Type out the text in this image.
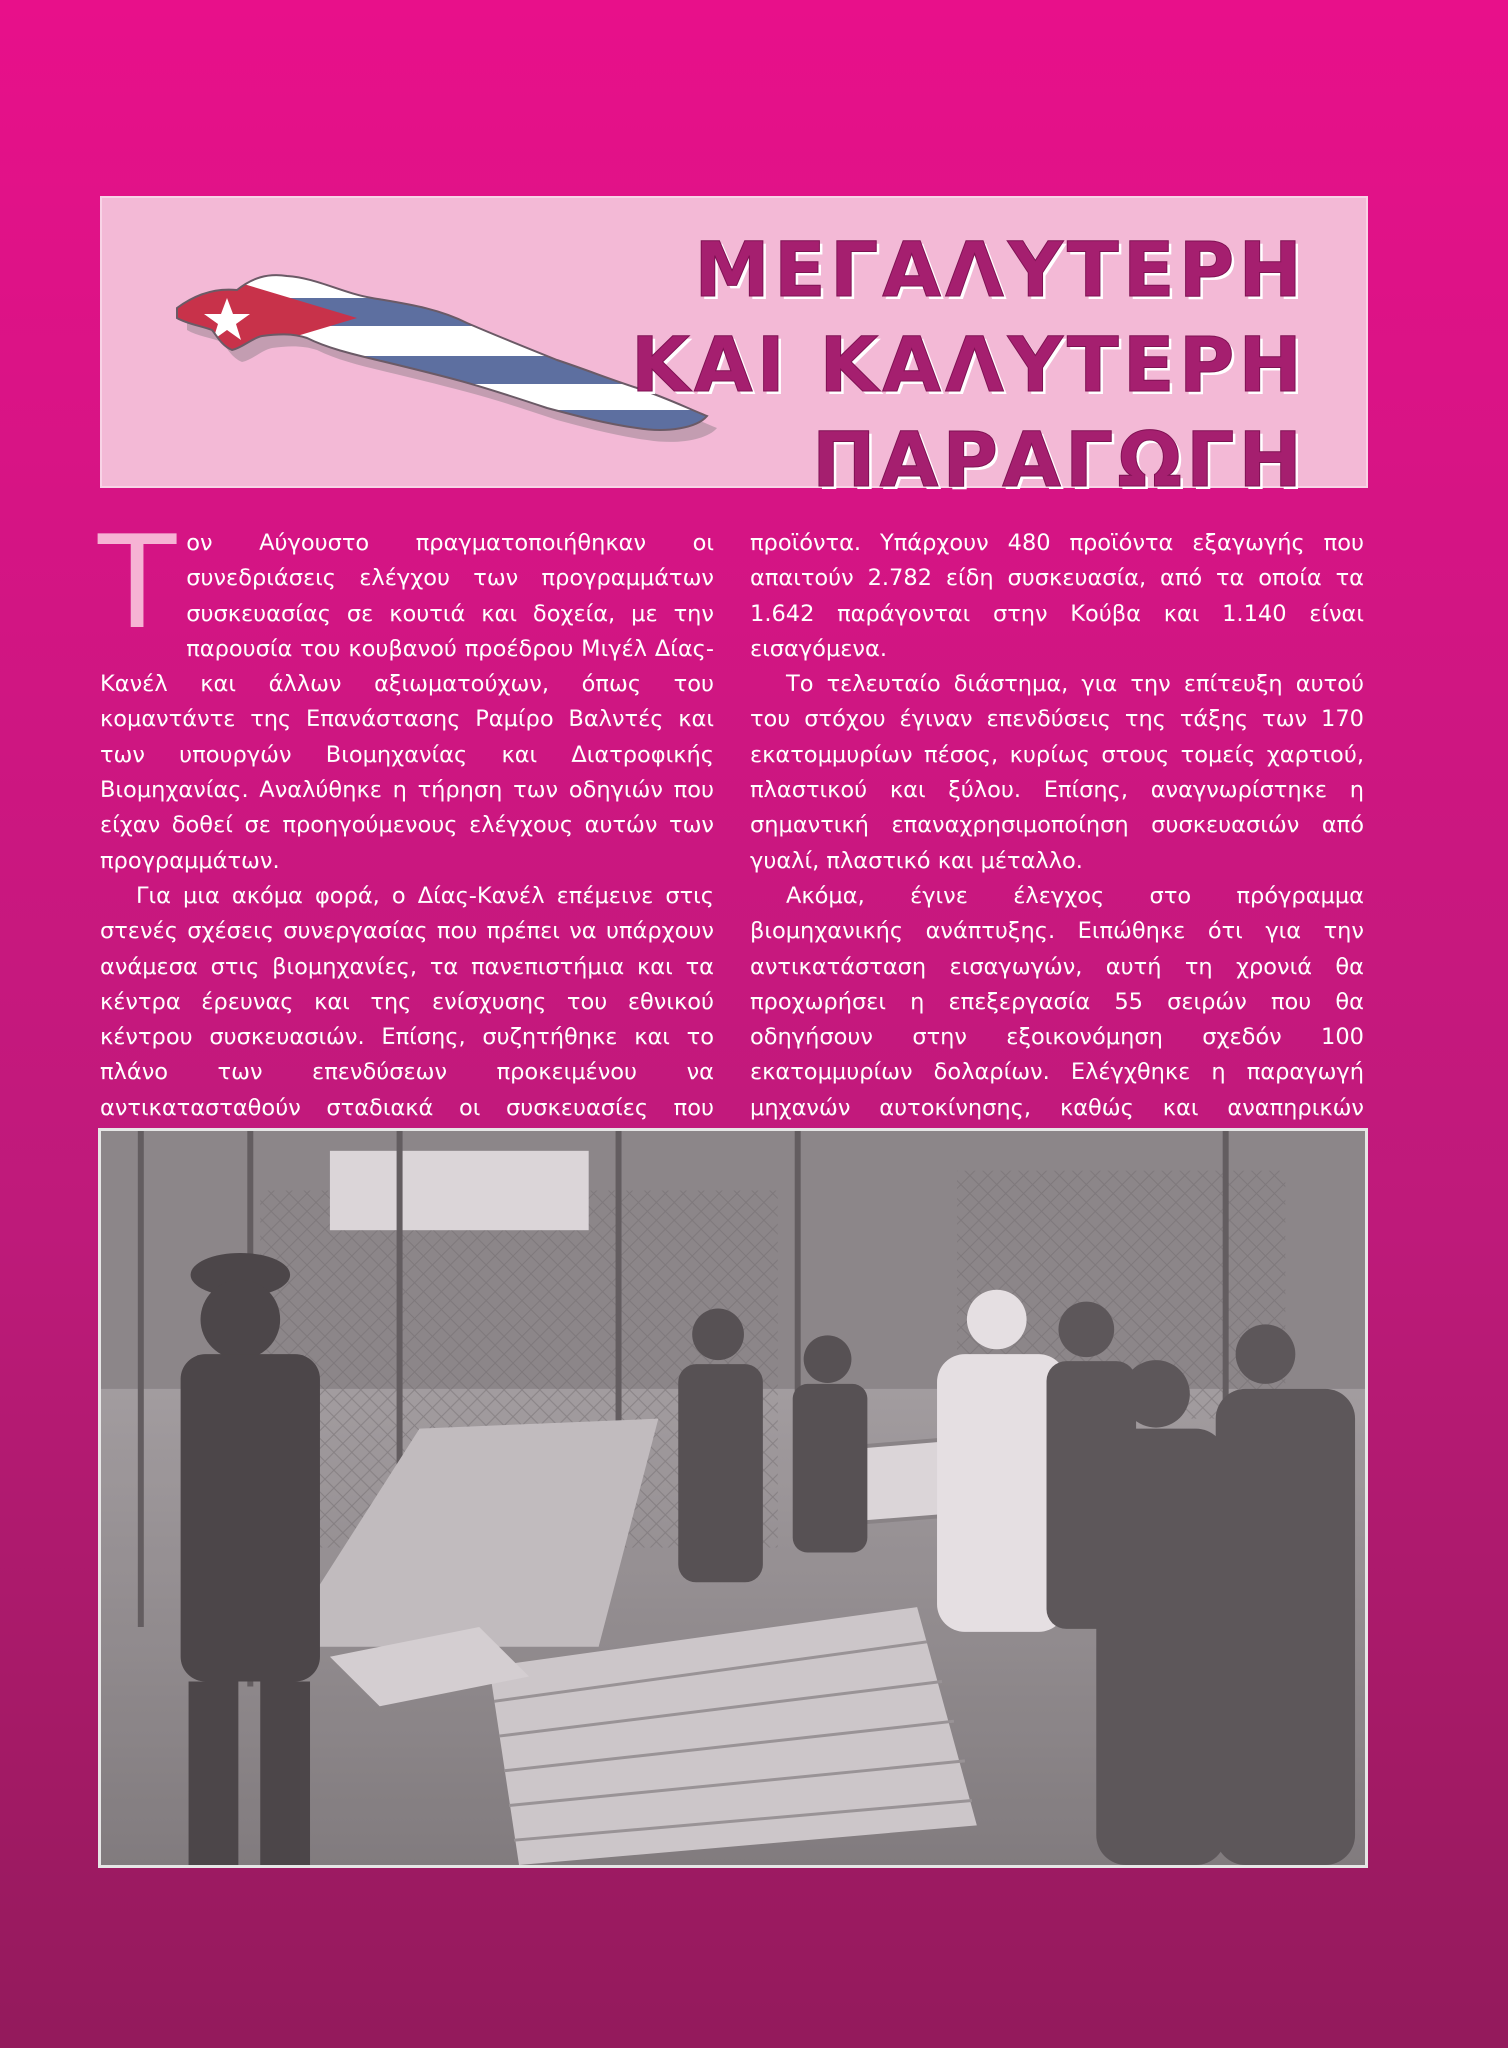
ΜΕΓΑΛΥΤΕΡΗ
ΚΑΙ ΚΑΛΥΤΕΡΗ
ΠΑΡΑΓΩΓΗ

Τον Αύγουστο πραγματοποιήθηκαν οι συνεδριάσεις ελέγχου των προγραμμάτων συσκευασίας σε κουτιά και δοχεία, με την παρουσία του κουβανού προέδρου Μιγέλ Δίας-Κανέλ και άλλων αξιωματούχων, όπως του κομαντάντε της Επανάστασης Ραμίρο Βαλντές και των υπουργών Βιομηχανίας και Διατροφικής Βιομηχανίας. Αναλύθηκε η τήρηση των οδηγιών που είχαν δοθεί σε προηγούμενους ελέγχους αυτών των προγραμμάτων.

Για μια ακόμα φορά, ο Δίας-Κανέλ επέμεινε στις στενές σχέσεις συνεργασίας που πρέπει να υπάρχουν ανάμεσα στις βιομηχανίες, τα πανεπιστήμια και τα κέντρα έρευνας και της ενίσχυσης του εθνικού κέντρου συσκευασιών. Επίσης, συζητήθηκε και το πλάνο των επενδύσεων προκειμένου να αντικατασταθούν σταδιακά οι συσκευασίες που

προϊόντα. Υπάρχουν 480 προϊόντα εξαγωγής που απαιτούν 2.782 είδη συσκευασία, από τα οποία τα 1.642 παράγονται στην Κούβα και 1.140 είναι εισαγόμενα.

Το τελευταίο διάστημα, για την επίτευξη αυτού του στόχου έγιναν επενδύσεις της τάξης των 170 εκατομμυρίων πέσος, κυρίως στους τομείς χαρτιού, πλαστικού και ξύλου. Επίσης, αναγνωρίστηκε η σημαντική επαναχρησιμοποίηση συσκευασιών από γυαλί, πλαστικό και μέταλλο.

Ακόμα, έγινε έλεγχος στο πρόγραμμα βιομηχανικής ανάπτυξης. Ειπώθηκε ότι για την αντικατάσταση εισαγωγών, αυτή τη χρονιά θα προχωρήσει η επεξεργασία 55 σειρών που θα οδηγήσουν στην εξοικονόμηση σχεδόν 100 εκατομμυρίων δολαρίων. Ελέγχθηκε η παραγωγή μηχανών αυτοκίνησης, καθώς και αναπηρικών
